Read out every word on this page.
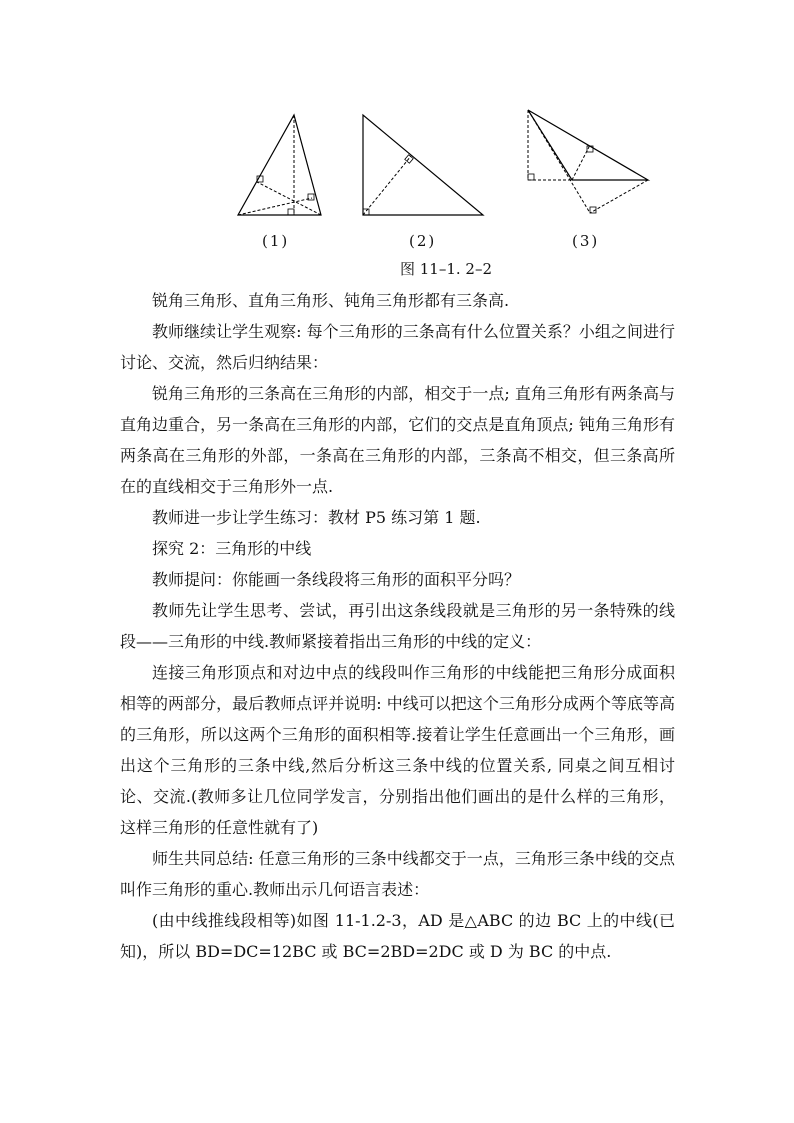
(1)	(2)	(3)
图 11–1. 2–2

锐角三角形、直角三角形、钝角三角形都有三条高.

教师继续让学生观察: 每个三角形的三条高有什么位置关系？小组之间进行讨论、交流，然后归纳结果：

锐角三角形的三条高在三角形的内部，相交于一点; 直角三角形有两条高与直角边重合，另一条高在三角形的内部，它们的交点是直角顶点; 钝角三角形有两条高在三角形的外部，一条高在三角形的内部，三条高不相交，但三条高所在的直线相交于三角形外一点.

教师进一步让学生练习：教材 P5 练习第 1 题.

探究 2：三角形的中线

教师提问：你能画一条线段将三角形的面积平分吗？

教师先让学生思考、尝试，再引出这条线段就是三角形的另一条特殊的线段——三角形的中线.教师紧接着指出三角形的中线的定义：

连接三角形顶点和对边中点的线段叫作三角形的中线能把三角形分成面积相等的两部分，最后教师点评并说明: 中线可以把这个三角形分成两个等底等高的三角形，所以这两个三角形的面积相等.接着让学生任意画出一个三角形，画出这个三角形的三条中线,然后分析这三条中线的位置关系, 同桌之间互相讨论、交流.(教师多让几位同学发言，分别指出他们画出的是什么样的三角形，这样三角形的任意性就有了)

师生共同总结: 任意三角形的三条中线都交于一点，三角形三条中线的交点叫作三角形的重心.教师出示几何语言表述：

(由中线推线段相等)如图 11-1.2-3，AD 是△ABC 的边 BC 上的中线(已知)，所以 BD=DC=12BC 或 BC=2BD=2DC 或 D 为 BC 的中点.
